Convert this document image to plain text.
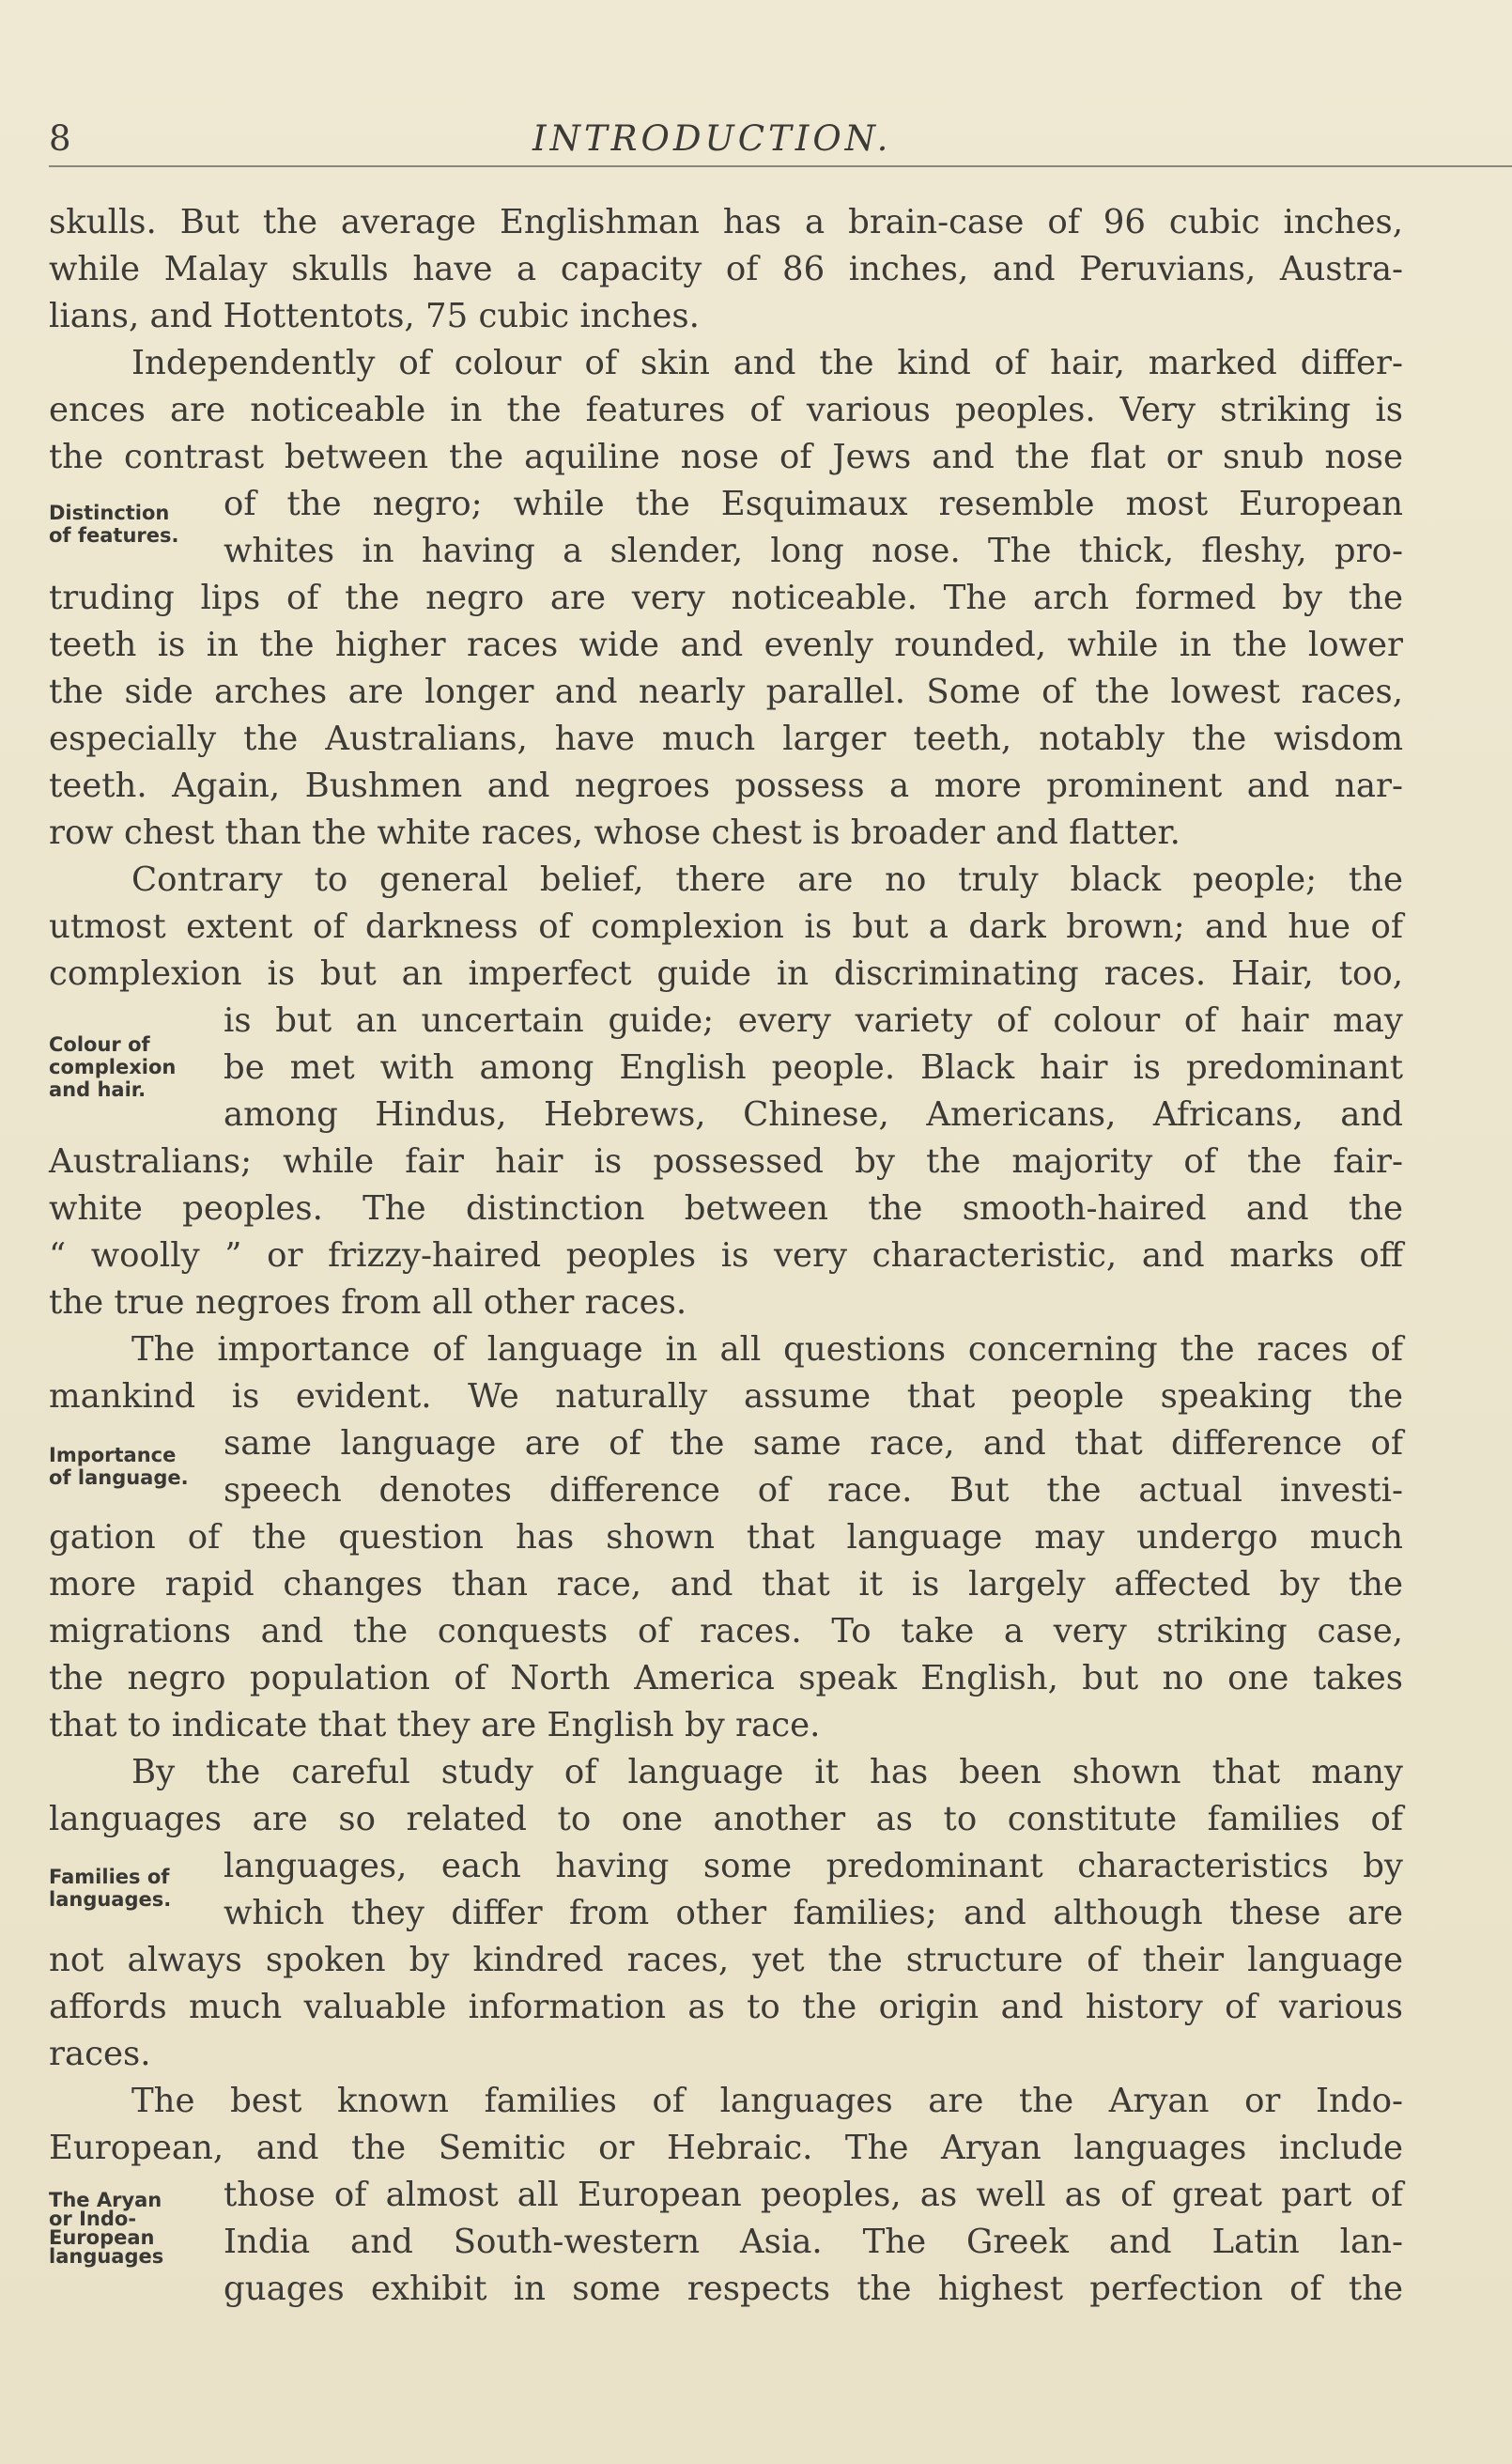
8	INTRODUCTION.
Distinction
of features.
Colour of
complexion
and hair.
Importance
of language.
Families of
languages.
The Aryan
or Indo-
European
languages
skulls. But the average Englishman has a brain-case of 96 cubic inches,
while Malay skulls have a capacity of 86 inches, and Peruvians, Austra-
lians, and Hottentots, 75 cubic inches.
Independently of colour of skin and the kind of hair, marked differ-
ences are noticeable in the features of various peoples. Very striking is
the contrast between the aquiline nose of Jews and the flat or snub nose
of the negro; while the Esquimaux resemble most European
whites in having a slender, long nose. The thick, fleshy, pro-
truding lips of the negro are very noticeable. The arch formed by the
teeth is in the higher races wide and evenly rounded, while in the lower
the side arches are longer and nearly parallel. Some of the lowest races,
especially the Australians, have much larger teeth, notably the wisdom
teeth. Again, Bushmen and negroes possess a more prominent and nar-
row chest than the white races, whose chest is broader and flatter.
Contrary to general belief, there are no truly black people; the
utmost extent of darkness of complexion is but a dark brown; and hue of
complexion is but an imperfect guide in discriminating races. Hair, too,
is but an uncertain guide; every variety of colour of hair may
be met with among English people. Black hair is predominant
among Hindus, Hebrews, Chinese, Americans, Africans, and
Australians; while fair hair is possessed by the majority of the fair-
white peoples. The distinction between the smooth-haired and the
“ woolly ” or frizzy-haired peoples is very characteristic, and marks off
the true negroes from all other races.
The importance of language in all questions concerning the races of
mankind is evident. We naturally assume that people speaking the
same language are of the same race, and that difference of
speech denotes difference of race. But the actual investi-
gation of the question has shown that language may undergo much
more rapid changes than race, and that it is largely affected by the
migrations and the conquests of races. To take a very striking case,
the negro population of North America speak English, but no one takes
that to indicate that they are English by race.
By the careful study of language it has been shown that many
languages are so related to one another as to constitute families of
languages, each having some predominant characteristics by
which they differ from other families; and although these are
not always spoken by kindred races, yet the structure of their language
affords much valuable information as to the origin and history of various
races.
The best known families of languages are the Aryan or Indo-
European, and the Semitic or Hebraic. The Aryan languages include
those of almost all European peoples, as well as of great part of
India and South-western Asia. The Greek and Latin lan-
guages exhibit in some respects the highest perfection of the
